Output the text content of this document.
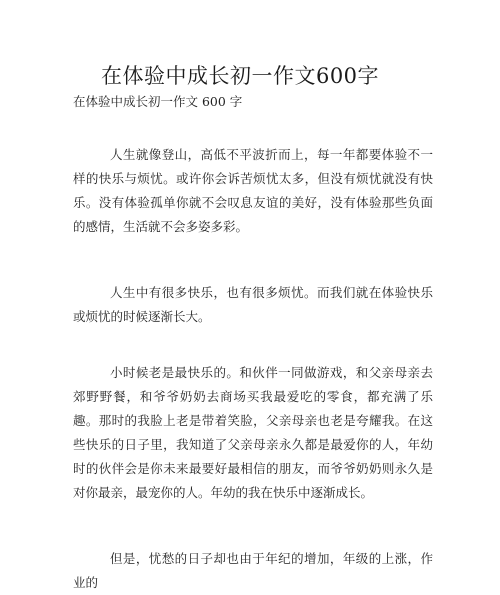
在体验中成长初一作文600字
在体验中成长初一作文 600 字

人生就像登山，高低不平波折而上，每一年都要体验不一样的快乐与烦忧。或许你会诉苦烦忧太多，但没有烦忧就没有快乐。没有体验孤单你就不会叹息友谊的美好，没有体验那些负面的感情，生活就不会多姿多彩。

人生中有很多快乐，也有很多烦忧。而我们就在体验快乐或烦忧的时候逐渐长大。

小时候老是最快乐的。和伙伴一同做游戏，和父亲母亲去郊野野餐，和爷爷奶奶去商场买我最爱吃的零食，都充满了乐趣。那时的我脸上老是带着笑脸，父亲母亲也老是夸耀我。在这些快乐的日子里，我知道了父亲母亲永久都是最爱你的人，年幼时的伙伴会是你未来最要好最相信的朋友，而爷爷奶奶则永久是对你最亲，最宠你的人。年幼的我在快乐中逐渐成长。

但是，忧愁的日子却也由于年纪的增加，年级的上涨，作业的
